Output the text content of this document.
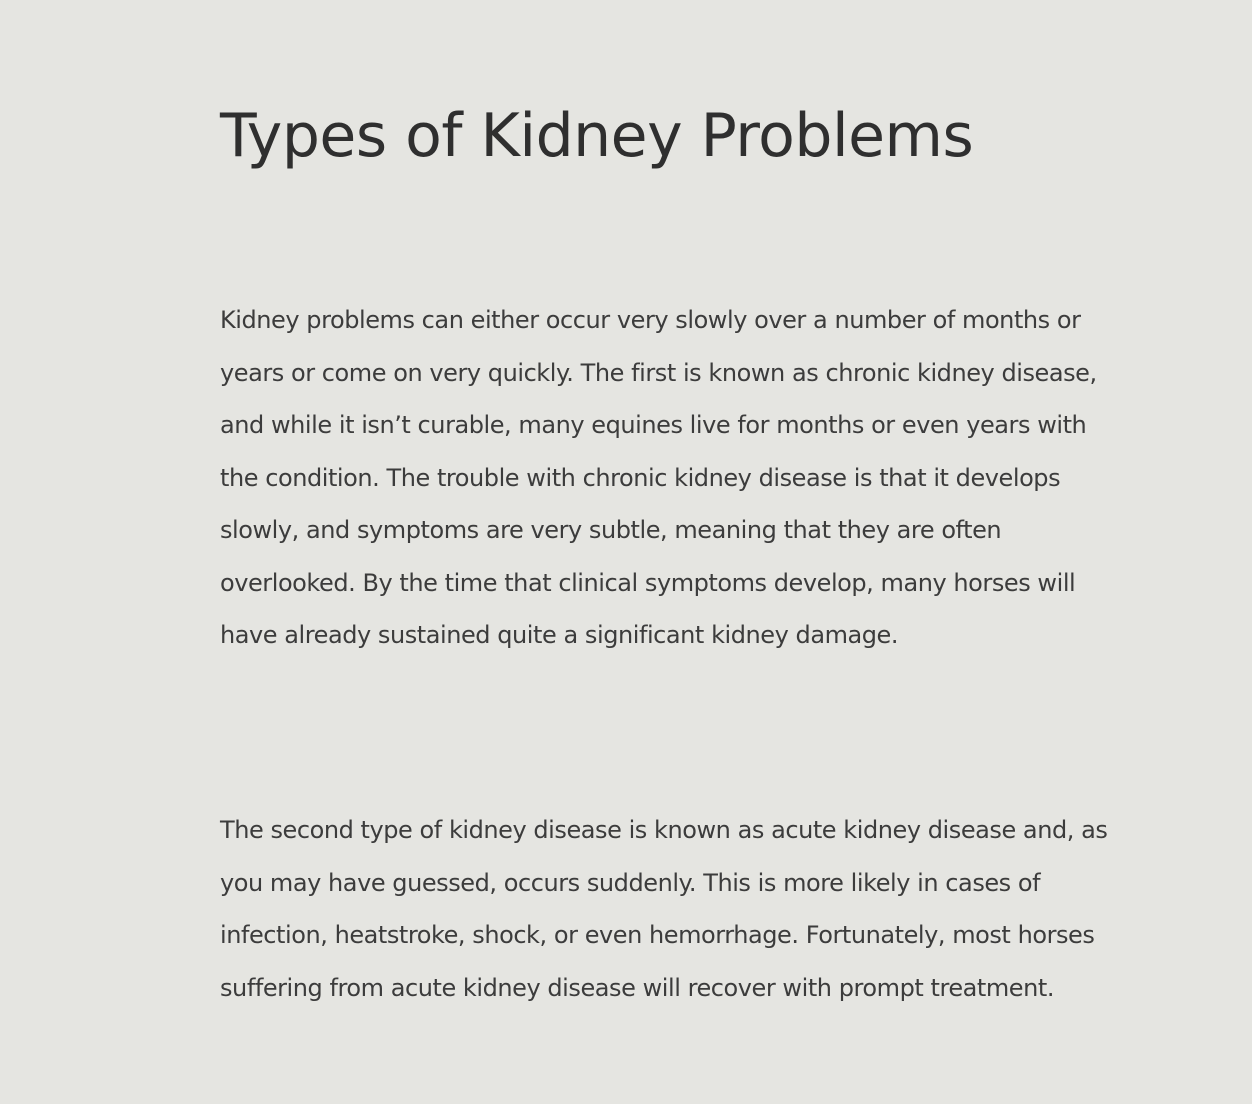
Types of Kidney Problems

Kidney problems can either occur very slowly over a number of months or years or come on very quickly. The first is known as chronic kidney disease, and while it isn’t curable, many equines live for months or even years with the condition. The trouble with chronic kidney disease is that it develops slowly, and symptoms are very subtle, meaning that they are often overlooked. By the time that clinical symptoms develop, many horses will have already sustained quite a significant kidney damage.

The second type of kidney disease is known as acute kidney disease and, as you may have guessed, occurs suddenly. This is more likely in cases of infection, heatstroke, shock, or even hemorrhage. Fortunately, most horses suffering from acute kidney disease will recover with prompt treatment.
